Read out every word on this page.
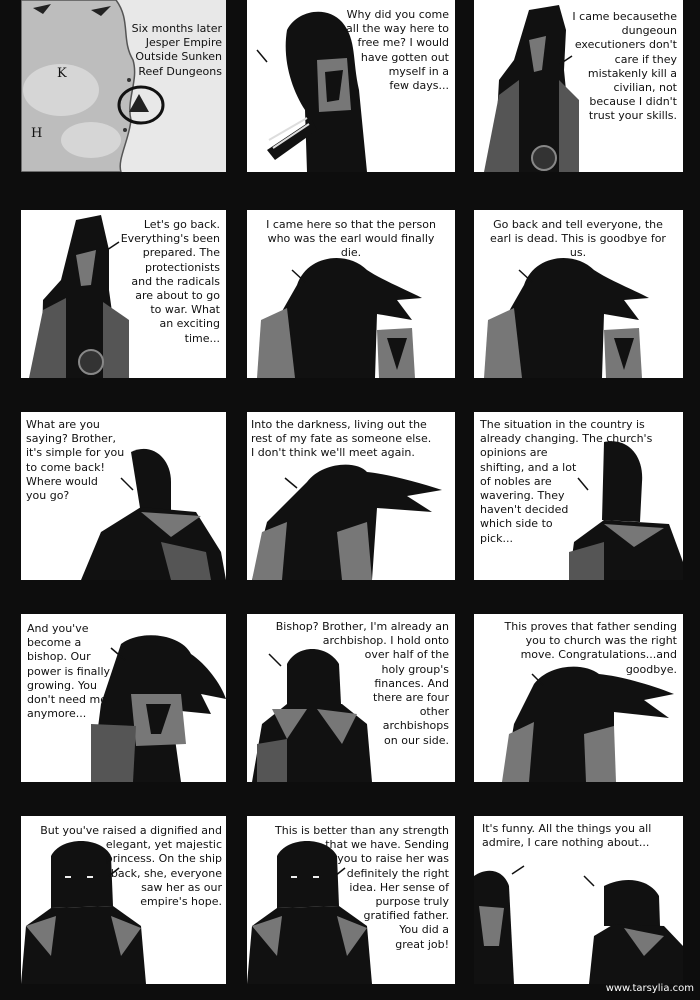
K
H
Six months later
Jesper Empire
Outside Sunken
Reef Dungeons
Why did you come
all the way here to
free me? I would
have gotten out
myself in a
few days...
I came becausethe
dungeoun
executioners don't
care if they
mistakenly kill a
civilian, not
because I didn't
trust your skills.
Let's go back.
Everything's been
prepared. The
protectionists
and the radicals
are about to go
to war. What
an exciting
time...
I came here so that the person
who was the earl would finally
die.
Go back and tell everyone, the
earl is dead. This is goodbye for
us.
What are you
saying? Brother,
it's simple for you
to come back!
Where would
you go?
Into the darkness, living out the
rest of my fate as someone else.
I don't think we'll meet again.
The situation in the country is
already changing. The church's
opinions are
shifting, and a lot
of nobles are
wavering. They
haven't decided
which side to
pick...
And you've
become a
bishop. Our
power is finally
growing. You
don't need me
anymore...
Bishop? Brother, I'm already an
archbishop. I hold onto
over half of the
holy group's
finances. And
there are four
other
archbishops
on our side.
This proves that father sending
you to church was the right
move. Congratulations...and
goodbye.
But you've raised a dignified and
elegant, yet majestic
princess. On the ship
back, she, everyone
saw her as our
empire's hope.
This is better than any strength
that we have. Sending
you to raise her was
definitely the right
idea. Her sense of
purpose truly
gratified father.
You did a
great job!
It's funny. All the things you all
admire, I care nothing about...
www.tarsylia.com
